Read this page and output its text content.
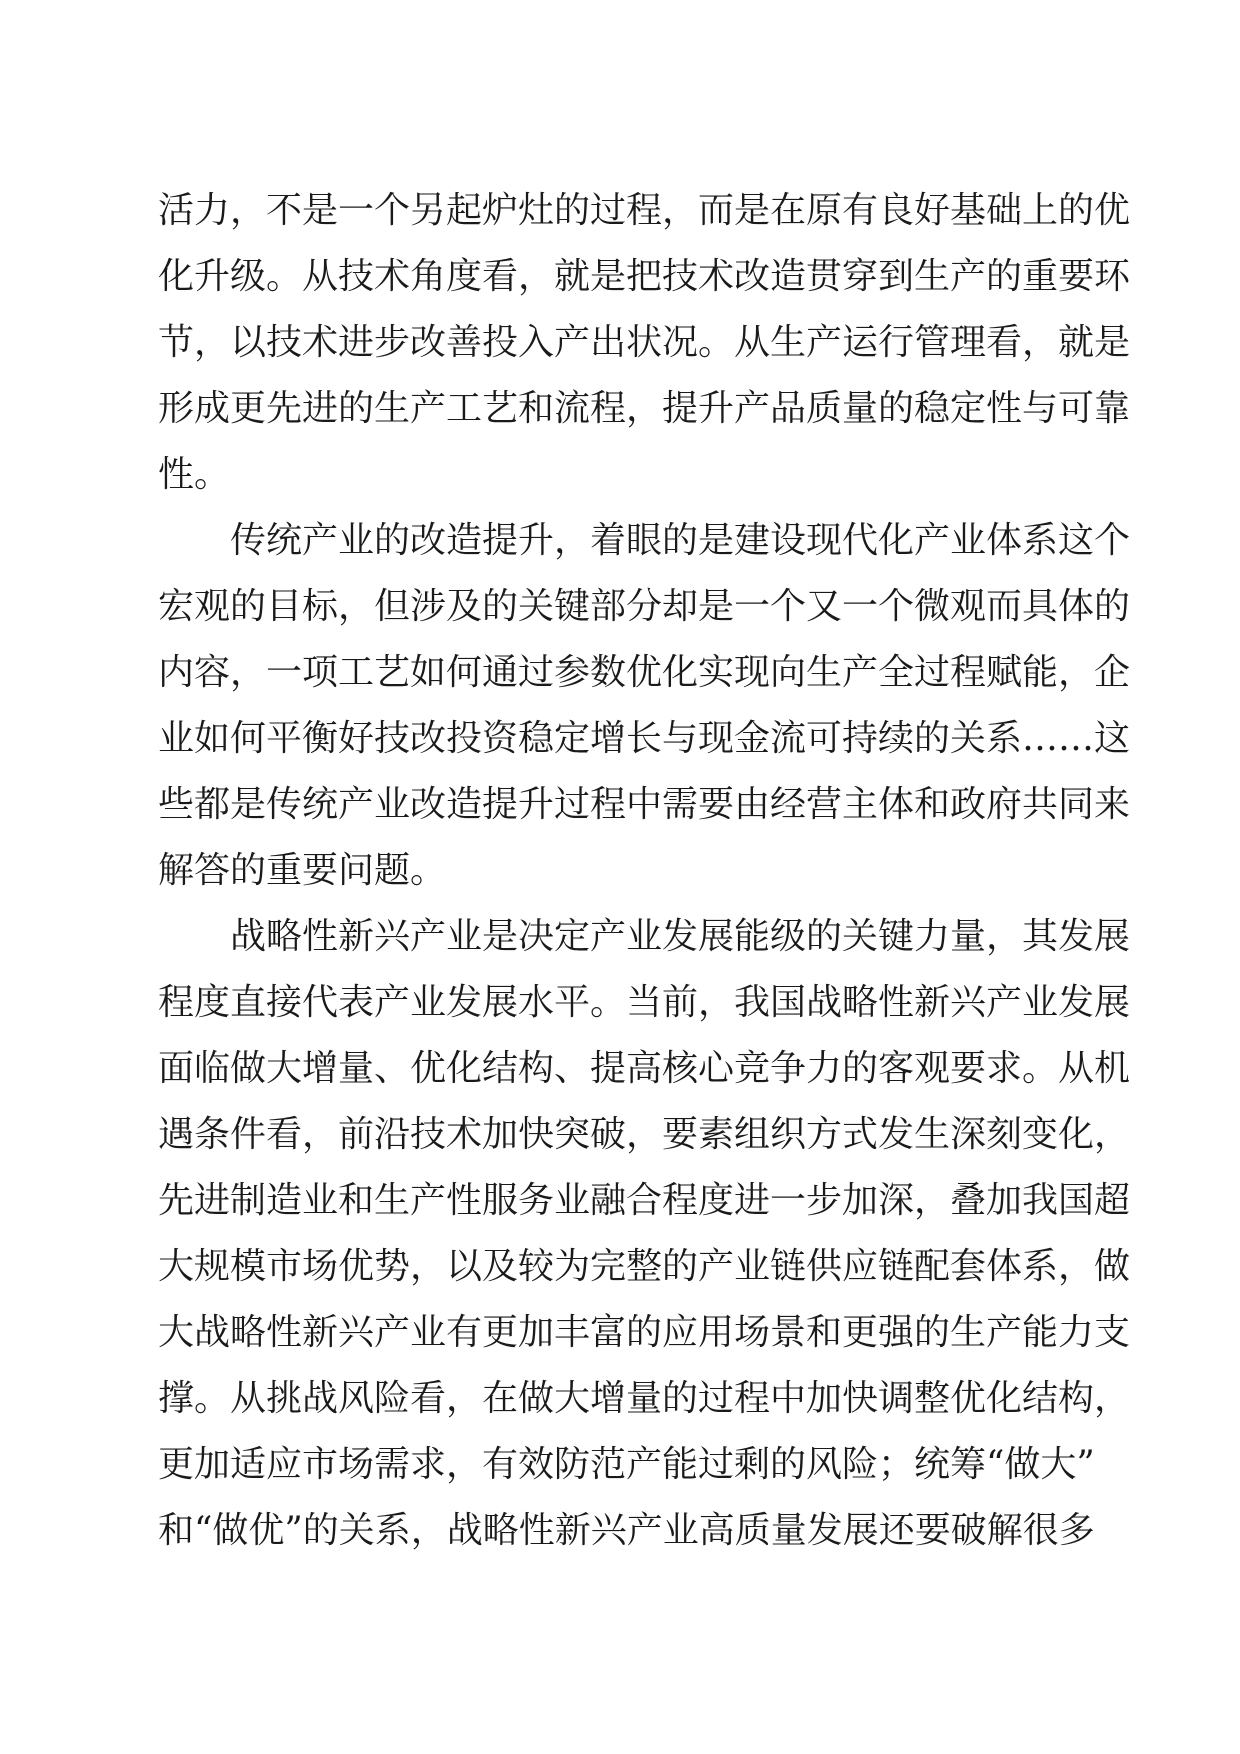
活力，不是一个另起炉灶的过程，而是在原有良好基础上的优
化升级。从技术角度看，就是把技术改造贯穿到生产的重要环
节，以技术进步改善投入产出状况。从生产运行管理看，就是
形成更先进的生产工艺和流程，提升产品质量的稳定性与可靠
性。
传统产业的改造提升，着眼的是建设现代化产业体系这个
宏观的目标，但涉及的关键部分却是一个又一个微观而具体的
内容，一项工艺如何通过参数优化实现向生产全过程赋能，企
业如何平衡好技改投资稳定增长与现金流可持续的关系……这
些都是传统产业改造提升过程中需要由经营主体和政府共同来
解答的重要问题。
战略性新兴产业是决定产业发展能级的关键力量，其发展
程度直接代表产业发展水平。当前，我国战略性新兴产业发展
面临做大增量、优化结构、提高核心竞争力的客观要求。从机
遇条件看，前沿技术加快突破，要素组织方式发生深刻变化，
先进制造业和生产性服务业融合程度进一步加深，叠加我国超
大规模市场优势，以及较为完整的产业链供应链配套体系，做
大战略性新兴产业有更加丰富的应用场景和更强的生产能力支
撑。从挑战风险看，在做大增量的过程中加快调整优化结构，
更加适应市场需求，有效防范产能过剩的风险；统筹“做大”
和“做优”的关系，战略性新兴产业高质量发展还要破解很多
